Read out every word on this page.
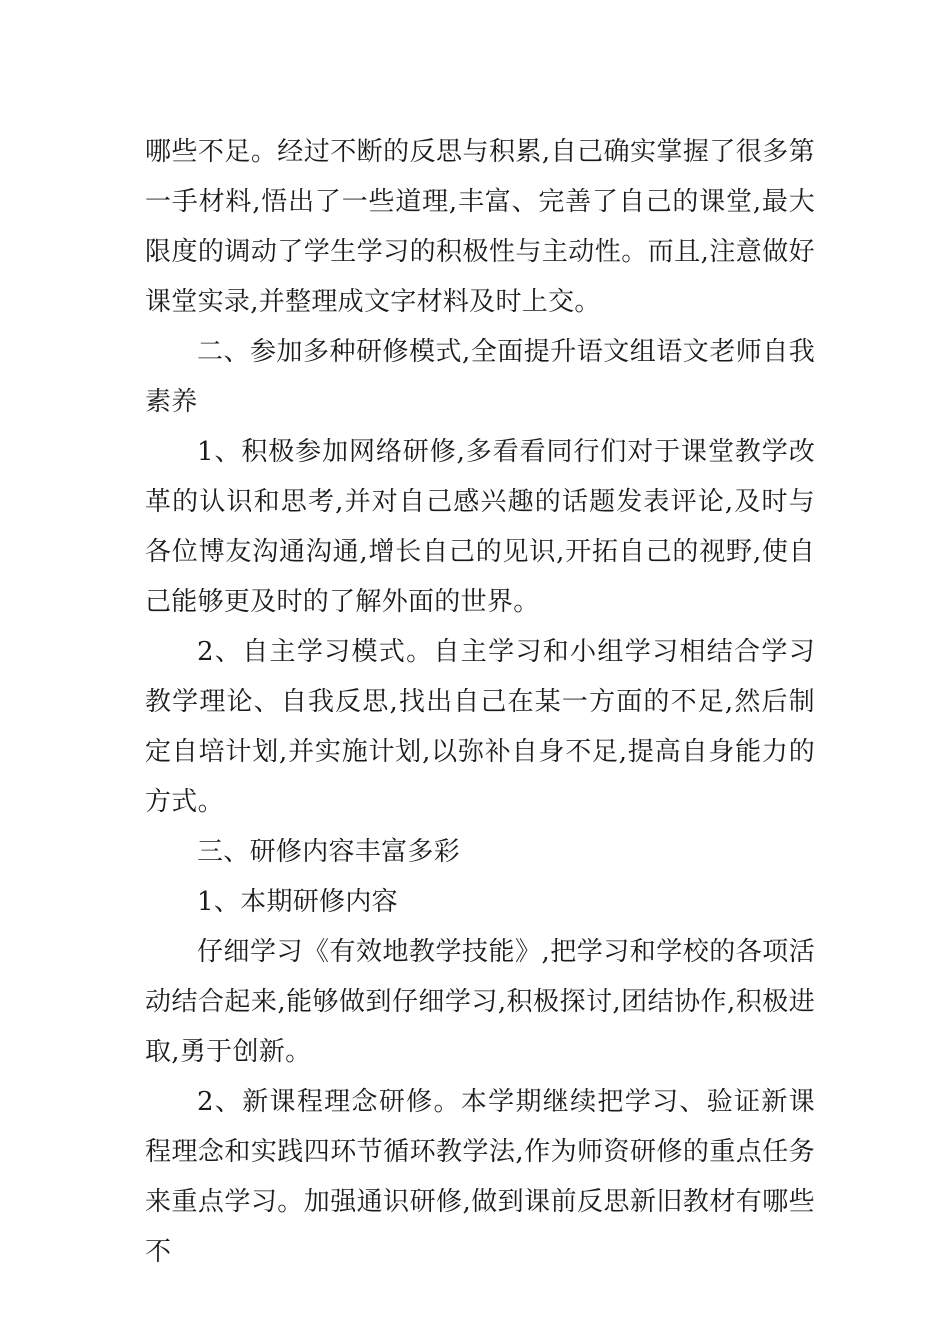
哪些不足。经过不断的反思与积累,自己确实掌握了很多第一手材料,悟出了一些道理,丰富、完善了自己的课堂,最大限度的调动了学生学习的积极性与主动性。而且,注意做好课堂实录,并整理成文字材料及时上交。

二、参加多种研修模式,全面提升语文组语文老师自我素养

1、积极参加网络研修,多看看同行们对于课堂教学改革的认识和思考,并对自己感兴趣的话题发表评论,及时与各位博友沟通沟通,增长自己的见识,开拓自己的视野,使自己能够更及时的了解外面的世界。

2、自主学习模式。自主学习和小组学习相结合学习教学理论、自我反思,找出自己在某一方面的不足,然后制定自培计划,并实施计划,以弥补自身不足,提高自身能力的方式。

三、研修内容丰富多彩

1、本期研修内容

仔细学习《有效地教学技能》,把学习和学校的各项活动结合起来,能够做到仔细学习,积极探讨,团结协作,积极进取,勇于创新。

2、新课程理念研修。本学期继续把学习、验证新课程理念和实践四环节循环教学法,作为师资研修的重点任务来重点学习。加强通识研修,做到课前反思新旧教材有哪些不
